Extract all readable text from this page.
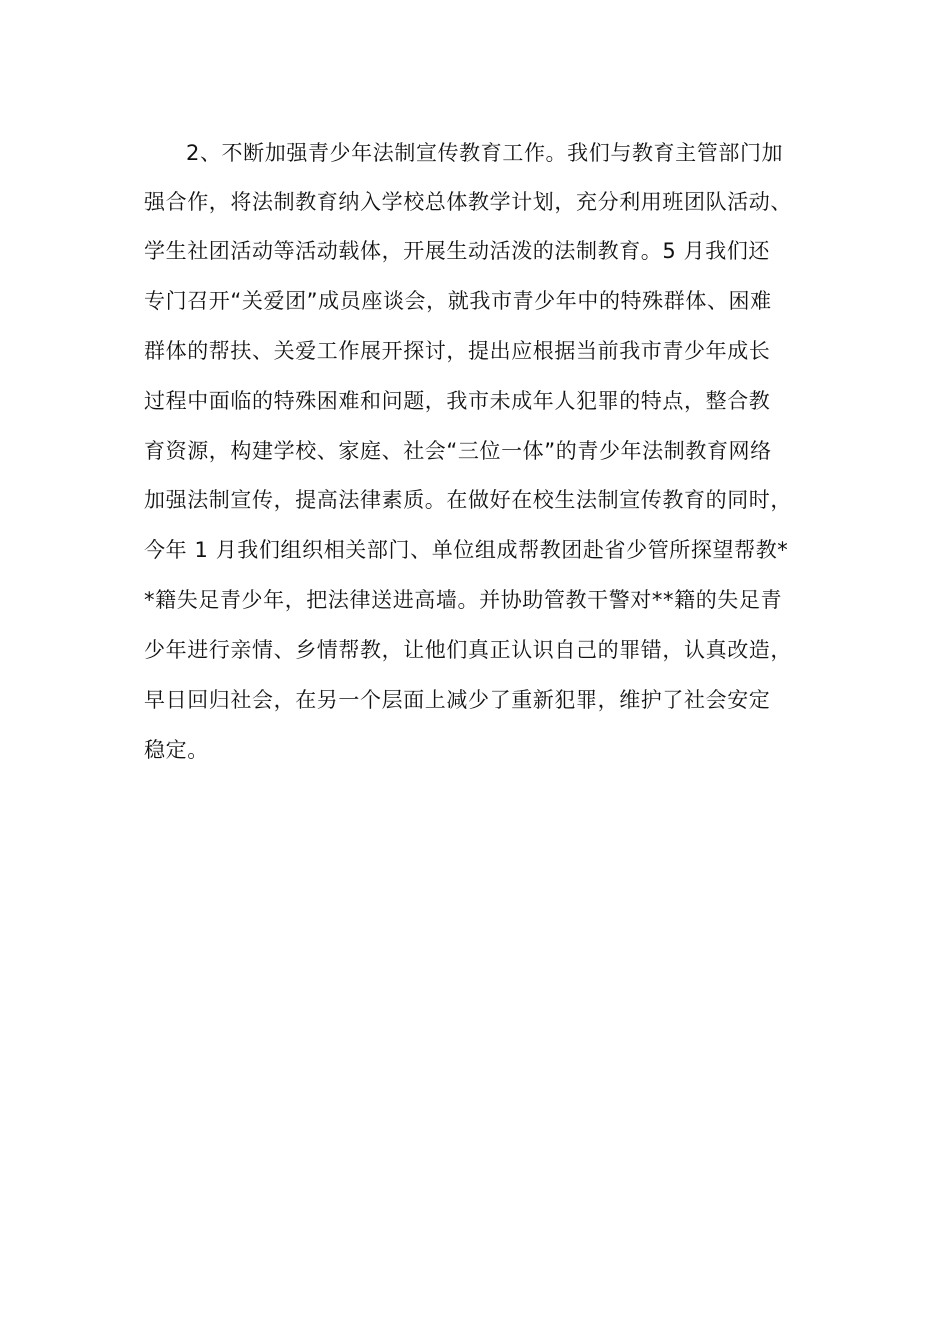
2、不断加强青少年法制宣传教育工作。我们与教育主管部门加
强合作，将法制教育纳入学校总体教学计划，充分利用班团队活动、
学生社团活动等活动载体，开展生动活泼的法制教育。5 月我们还
专门召开“关爱团”成员座谈会，就我市青少年中的特殊群体、困难
群体的帮扶、关爱工作展开探讨，提出应根据当前我市青少年成长
过程中面临的特殊困难和问题，我市未成年人犯罪的特点，整合教
育资源，构建学校、家庭、社会“三位一体”的青少年法制教育网络
加强法制宣传，提高法律素质。在做好在校生法制宣传教育的同时，
今年 1 月我们组织相关部门、单位组成帮教团赴省少管所探望帮教*
*籍失足青少年，把法律送进高墙。并协助管教干警对**籍的失足青
少年进行亲情、乡情帮教，让他们真正认识自己的罪错，认真改造，
早日回归社会，在另一个层面上减少了重新犯罪，维护了社会安定
稳定。
